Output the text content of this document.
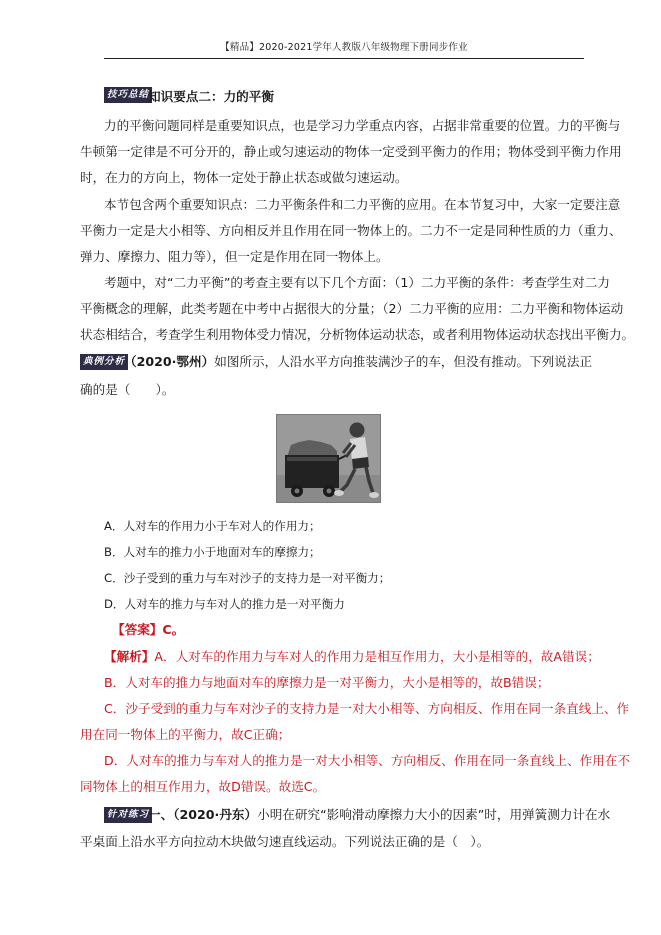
【精品】2020-2021学年人教版八年级物理下册同步作业
技巧总结
知识要点二：力的平衡
力的平衡问题同样是重要知识点，也是学习力学重点内容，占据非常重要的位置。力的平衡与
牛顿第一定律是不可分开的，静止或匀速运动的物体一定受到平衡力的作用；物体受到平衡力作用
时，在力的方向上，物体一定处于静止状态或做匀速运动。
本节包含两个重要知识点：二力平衡条件和二力平衡的应用。在本节复习中，大家一定要注意
平衡力一定是大小相等、方向相反并且作用在同一物体上的。二力不一定是同种性质的力（重力、
弹力、摩擦力、阻力等），但一定是作用在同一物体上。
考题中，对“二力平衡”的考查主要有以下几个方面：（1）二力平衡的条件：考查学生对二力
平衡概念的理解，此类考题在中考中占据很大的分量；（2）二力平衡的应用：二力平衡和物体运动
状态相结合，考查学生利用物体受力情况，分析物体运动状态，或者利用物体运动状态找出平衡力。
典例分析
（2020·鄂州）如图所示，人沿水平方向推装满沙子的车，但没有推动。下列说法正
确的是（　　）。
A．人对车的作用力小于车对人的作用力；
B．人对车的推力小于地面对车的摩擦力；
C．沙子受到的重力与车对沙子的支持力是一对平衡力；
D．人对车的推力与车对人的推力是一对平衡力
【答案】C。
【解析】A．人对车的作用力与车对人的作用力是相互作用力，大小是相等的，故A错误；
B．人对车的推力与地面对车的摩擦力是一对平衡力，大小是相等的，故B错误；
C．沙子受到的重力与车对沙子的支持力是一对大小相等、方向相反、作用在同一条直线上、作
用在同一物体上的平衡力，故C正确；
D．人对车的推力与车对人的推力是一对大小相等、方向相反、作用在同一条直线上、作用在不
同物体上的相互作用力，故D错误。故选C。
针对练习
一、（2020·丹东）小明在研究“影响滑动摩擦力大小的因素”时，用弹簧测力计在水
平桌面上沿水平方向拉动木块做匀速直线运动。下列说法正确的是（　）。
